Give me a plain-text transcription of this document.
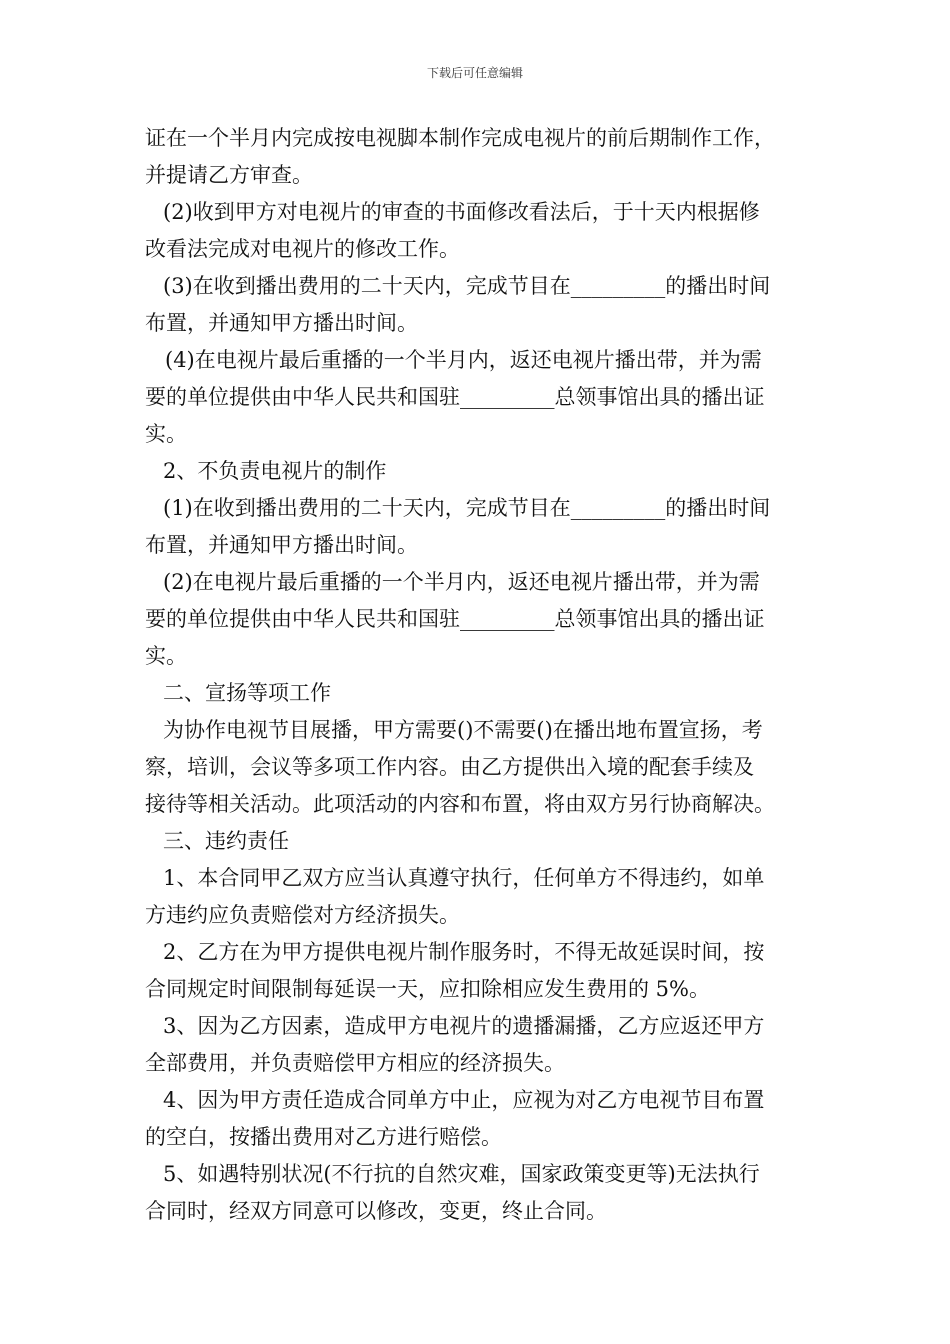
下载后可任意编辑

证在一个半月内完成按电视脚本制作完成电视片的前后期制作工作，

并提请乙方审查。

(2)收到甲方对电视片的审查的书面修改看法后，于十天内根据修

改看法完成对电视片的修改工作。

(3)在收到播出费用的二十天内，完成节目在_________的播出时间

布置，并通知甲方播出时间。

(4)在电视片最后重播的一个半月内，返还电视片播出带，并为需

要的单位提供由中华人民共和国驻_________总领事馆出具的播出证

实。

2、不负责电视片的制作

(1)在收到播出费用的二十天内，完成节目在_________的播出时间

布置，并通知甲方播出时间。

(2)在电视片最后重播的一个半月内，返还电视片播出带，并为需

要的单位提供由中华人民共和国驻_________总领事馆出具的播出证

实。

二、宣扬等项工作

为协作电视节目展播，甲方需要()不需要()在播出地布置宣扬，考

察，培训，会议等多项工作内容。由乙方提供出入境的配套手续及

接待等相关活动。此项活动的内容和布置，将由双方另行协商解决。

三、违约责任

1、本合同甲乙双方应当认真遵守执行，任何单方不得违约，如单

方违约应负责赔偿对方经济损失。

2、乙方在为甲方提供电视片制作服务时，不得无故延误时间，按

合同规定时间限制每延误一天，应扣除相应发生费用的 5%。

3、因为乙方因素，造成甲方电视片的遗播漏播，乙方应返还甲方

全部费用，并负责赔偿甲方相应的经济损失。

4、因为甲方责任造成合同单方中止，应视为对乙方电视节目布置

的空白，按播出费用对乙方进行赔偿。

5、如遇特别状况(不行抗的自然灾难，国家政策变更等)无法执行

合同时，经双方同意可以修改，变更，终止合同。
